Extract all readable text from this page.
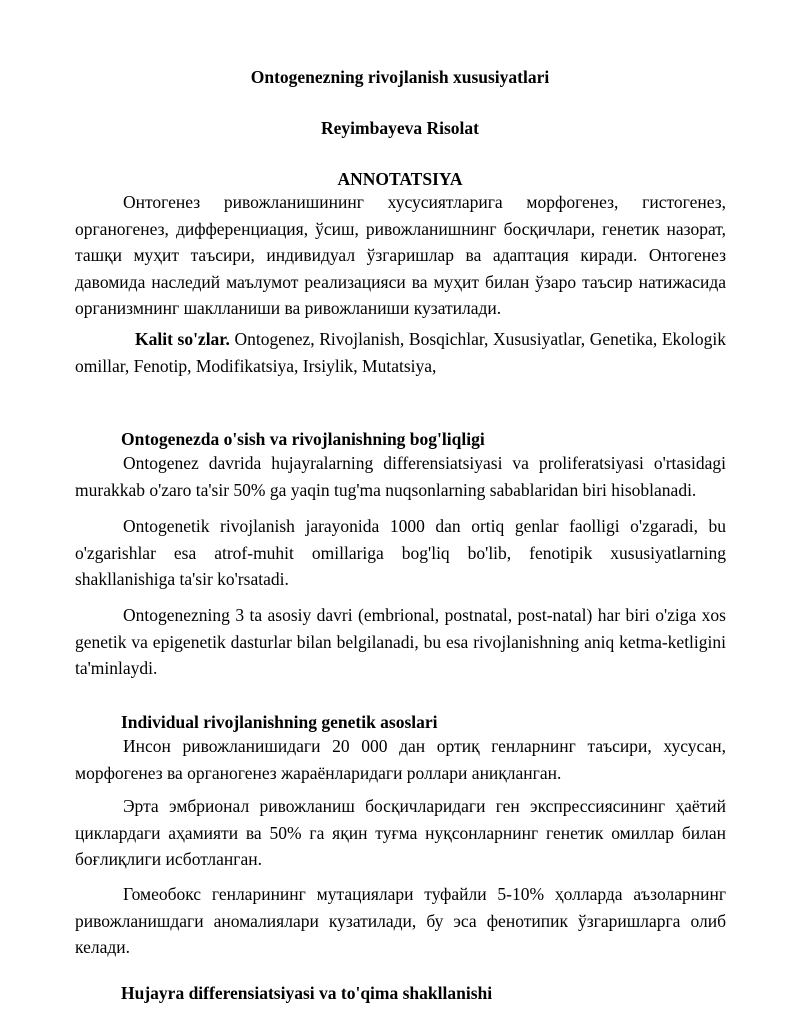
Ontogenezning rivojlanish xususiyatlari

Reyimbayeva Risolat

ANNOTATSIYA

Онтогенез ривожланишининг хусусиятларига морфогенез, гистогенез, органогенез, дифференциация, ўсиш, ривожланишнинг босқичлари, генетик назорат, ташқи муҳит таъсири, индивидуал ўзгаришлар ва адаптация киради. Онтогенез давомида наследий маълумот реализацияси ва муҳит билан ўзаро таъсир натижасида организмнинг шаклланиши ва ривожланиши кузатилади.

Kalit so'zlar. Ontogenez, Rivojlanish, Bosqichlar, Xususiyatlar, Genetika, Ekologik omillar, Fenotip, Modifikatsiya, Irsiylik, Mutatsiya,

Ontogenezda o'sish va rivojlanishning bog'liqligi

Ontogenez davrida hujayralarning differensiatsiyasi va proliferatsiyasi o'rtasidagi murakkab o'zaro ta'sir 50% ga yaqin tug'ma nuqsonlarning sabablaridan biri hisoblanadi.

Ontogenetik rivojlanish jarayonida 1000 dan ortiq genlar faolligi o'zgaradi, bu o'zgarishlar esa atrof-muhit omillariga bog'liq bo'lib, fenotipik xususiyatlarning shakllanishiga ta'sir ko'rsatadi.

Ontogenezning 3 ta asosiy davri (embrional, postnatal, post-natal) har biri o'ziga xos genetik va epigenetik dasturlar bilan belgilanadi, bu esa rivojlanishning aniq ketma-ketligini ta'minlaydi.

Individual rivojlanishning genetik asoslari

Инсон ривожланишидаги 20 000 дан ортиқ генларнинг таъсири, хусусан, морфогенез ва органогенез жараёнларидаги роллари аниқланган.

Эрта эмбрионал ривожланиш босқичларидаги ген экспрессиясининг ҳаётий циклардаги аҳамияти ва 50% га яқин туғма нуқсонларнинг генетик омиллар билан боғлиқлиги исботланган.

Гомеобокс генларининг мутациялари туфайли 5-10% ҳолларда аъзоларнинг ривожланишдаги аномалиялари кузатилади, бу эса фенотипик ўзгаришларга олиб келади.

Hujayra differensiatsiyasi va to'qima shakllanishi
